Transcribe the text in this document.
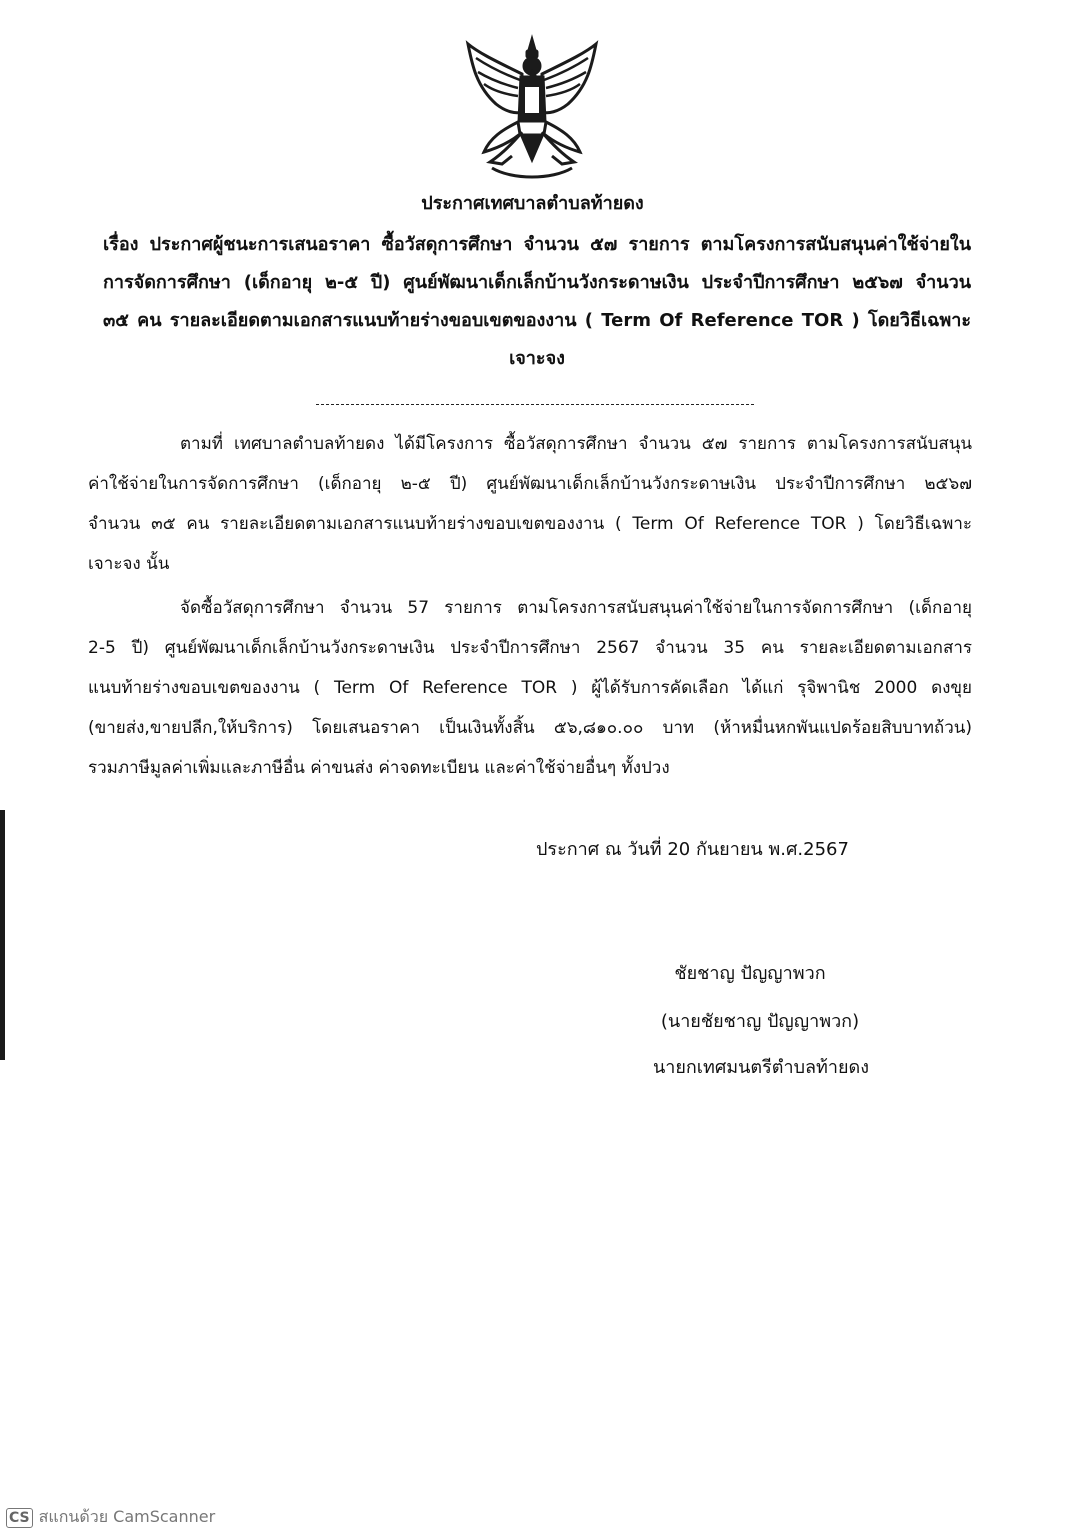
ประกาศเทศบาลตำบลท้ายดง
เรื่อง ประกาศผู้ชนะการเสนอราคา ซื้อวัสดุการศึกษา จำนวน ๕๗ รายการ ตามโครงการสนับสนุนค่าใช้จ่ายใน
การจัดการศึกษา (เด็กอายุ ๒-๕ ปี) ศูนย์พัฒนาเด็กเล็กบ้านวังกระดาษเงิน ประจำปีการศึกษา ๒๕๖๗ จำนวน
๓๕ คน รายละเอียดตามเอกสารแนบท้ายร่างขอบเขตของงาน ( Term Of Reference TOR ) โดยวิธีเฉพาะ
เจาะจง
ตามที่ เทศบาลตำบลท้ายดง ได้มีโครงการ ซื้อวัสดุการศึกษา จำนวน ๕๗ รายการ ตามโครงการสนับสนุน
ค่าใช้จ่ายในการจัดการศึกษา (เด็กอายุ ๒-๕ ปี) ศูนย์พัฒนาเด็กเล็กบ้านวังกระดาษเงิน ประจำปีการศึกษา ๒๕๖๗
จำนวน ๓๕ คน รายละเอียดตามเอกสารแนบท้ายร่างขอบเขตของงาน ( Term Of Reference TOR ) โดยวิธีเฉพาะ
เจาะจง นั้น
จัดซื้อวัสดุการศึกษา จำนวน 57 รายการ ตามโครงการสนับสนุนค่าใช้จ่ายในการจัดการศึกษา (เด็กอายุ
2-5 ปี) ศูนย์พัฒนาเด็กเล็กบ้านวังกระดาษเงิน ประจำปีการศึกษา 2567 จำนวน 35 คน รายละเอียดตามเอกสาร
แนบท้ายร่างขอบเขตของงาน ( Term Of Reference TOR ) ผู้ได้รับการคัดเลือก ได้แก่ รุจิพานิช 2000 ดงขุย
(ขายส่ง,ขายปลีก,ให้บริการ) โดยเสนอราคา เป็นเงินทั้งสิ้น ๕๖,๘๑๐.๐๐ บาท (ห้าหมื่นหกพันแปดร้อยสิบบาทถ้วน)
รวมภาษีมูลค่าเพิ่มและภาษีอื่น ค่าขนส่ง ค่าจดทะเบียน และค่าใช้จ่ายอื่นๆ ทั้งปวง
ประกาศ ณ วันที่ 20 กันยายน พ.ศ.2567
ชัยชาญ ปัญญาพวก
(นายชัยชาญ ปัญญาพวก)
นายกเทศมนตรีตำบลท้ายดง
CS สแกนด้วย CamScanner
